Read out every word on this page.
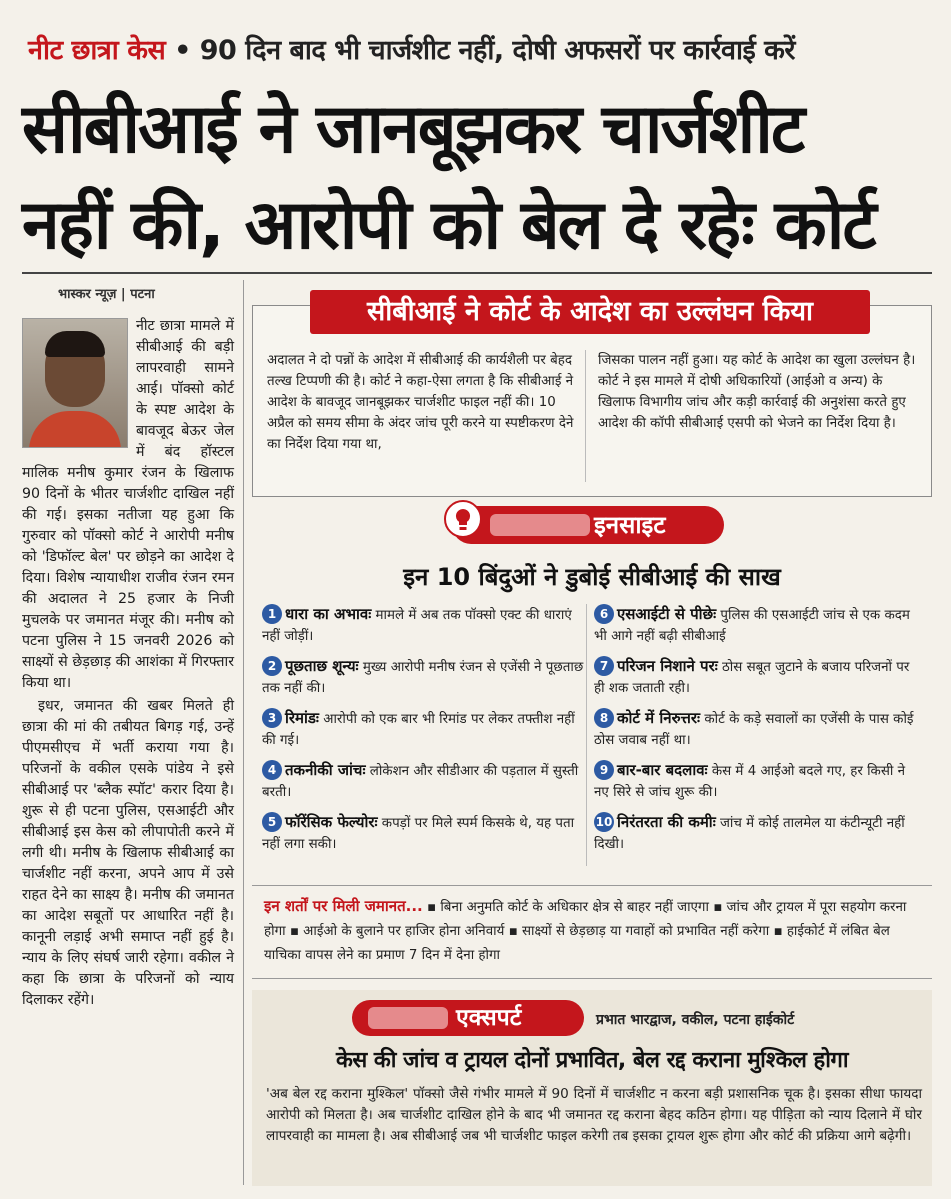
नीट छात्रा केस • 90 दिन बाद भी चार्जशीट नहीं, दोषी अफसरों पर कार्रवाई करें
सीबीआई ने जानबूझकर चार्जशीट
नहीं की, आरोपी को बेल दे रहेः कोर्ट
भास्कर न्यूज़ | पटना

नीट छात्रा मामले में सीबीआई की बड़ी लापरवाही सामने आई। पॉक्सो कोर्ट के स्पष्ट आदेश के बावजूद बेऊर जेल में बंद हॉस्टल मालिक मनीष कुमार रंजन के खिलाफ 90 दिनों के भीतर चार्जशीट दाखिल नहीं की गई। इसका नतीजा यह हुआ कि गुरुवार को पॉक्सो कोर्ट ने आरोपी मनीष को 'डिफॉल्ट बेल' पर छोड़ने का आदेश दे दिया। विशेष न्यायाधीश राजीव रंजन रमन की अदालत ने 25 हजार के निजी मुचलके पर जमानत मंजूर की। मनीष को पटना पुलिस ने 15 जनवरी 2026 को साक्ष्यों से छेड़छाड़ की आशंका में गिरफ्तार किया था।

इधर, जमानत की खबर मिलते ही छात्रा की मां की तबीयत बिगड़ गई, उन्हें पीएमसीएच में भर्ती कराया गया है। परिजनों के वकील एसके पांडेय ने इसे सीबीआई पर 'ब्लैक स्पॉट' करार दिया है। शुरू से ही पटना पुलिस, एसआईटी और सीबीआई इस केस को लीपापोती करने में लगी थी। मनीष के खिलाफ सीबीआई का चार्जशीट नहीं करना, अपने आप में उसे राहत देने का साक्ष्य है। मनीष की जमानत का आदेश सबूतों पर आधारित नहीं है। कानूनी लड़ाई अभी समाप्त नहीं हुई है। न्याय के लिए संघर्ष जारी रहेगा। वकील ने कहा कि छात्रा के परिजनों को न्याय दिलाकर रहेंगे।

अदालत ने दो पन्नों के आदेश में सीबीआई की कार्यशैली पर बेहद तल्ख टिप्पणी की है। कोर्ट ने कहा-ऐसा लगता है कि सीबीआई ने आदेश के बावजूद जानबूझकर चार्जशीट फाइल नहीं की। 10 अप्रैल को समय सीमा के अंदर जांच पूरी करने या स्पष्टीकरण देने का निर्देश दिया गया था,
जिसका पालन नहीं हुआ। यह कोर्ट के आदेश का खुला उल्लंघन है। कोर्ट ने इस मामले में दोषी अधिकारियों (आईओ व अन्य) के खिलाफ विभागीय जांच और कड़ी कार्रवाई की अनुशंसा करते हुए आदेश की कॉपी सीबीआई एसपी को भेजने का निर्देश दिया है।
सीबीआई ने कोर्ट के आदेश का उल्लंघन किया
इनसाइट
इन 10 बिंदुओं ने डुबोई सीबीआई की साख
1 धारा का अभावः मामले में अब तक पॉक्सो एक्ट की धाराएं नहीं जोड़ीं।
2 पूछताछ शून्यः मुख्य आरोपी मनीष रंजन से एजेंसी ने पूछताछ तक नहीं की।
3 रिमांडः आरोपी को एक बार भी रिमांड पर लेकर तफ्तीश नहीं की गई।
4 तकनीकी जांचः लोकेशन और सीडीआर की पड़ताल में सुस्ती बरती।
5 फॉरेंसिक फेल्योरः कपड़ों पर मिले स्पर्म किसके थे, यह पता नहीं लगा सकी।
6 एसआईटी से पीछेः पुलिस की एसआईटी जांच से एक कदम भी आगे नहीं बढ़ी सीबीआई
7 परिजन निशाने परः ठोस सबूत जुटाने के बजाय परिजनों पर ही शक जताती रही।
8 कोर्ट में निरुत्तरः कोर्ट के कड़े सवालों का एजेंसी के पास कोई ठोस जवाब नहीं था।
9 बार-बार बदलावः केस में 4 आईओ बदले गए, हर किसी ने नए सिरे से जांच शुरू की।
10 निरंतरता की कमीः जांच में कोई तालमेल या कंटीन्यूटी नहीं दिखी।
इन शर्तों पर मिली जमानत... ▪ बिना अनुमति कोर्ट के अधिकार क्षेत्र से बाहर नहीं जाएगा ▪ जांच और ट्रायल में पूरा सहयोग करना होगा ▪ आईओ के बुलाने पर हाजिर होना अनिवार्य ▪ साक्ष्यों से छेड़छाड़ या गवाहों को प्रभावित नहीं करेगा ▪ हाईकोर्ट में लंबित बेल याचिका वापस लेने का प्रमाण 7 दिन में देना होगा
एक्सपर्ट	प्रभात भारद्वाज, वकील, पटना हाईकोर्ट
केस की जांच व ट्रायल दोनों प्रभावित, बेल रद्द कराना मुश्किल होगा
'अब बेल रद्द कराना मुश्किल' पॉक्सो जैसे गंभीर मामले में 90 दिनों में चार्जशीट न करना बड़ी प्रशासनिक चूक है। इसका सीधा फायदा आरोपी को मिलता है। अब चार्जशीट दाखिल होने के बाद भी जमानत रद्द कराना बेहद कठिन होगा। यह पीड़िता को न्याय दिलाने में घोर लापरवाही का मामला है। अब सीबीआई जब भी चार्जशीट फाइल करेगी तब इसका ट्रायल शुरू होगा और कोर्ट की प्रक्रिया आगे बढ़ेगी।
